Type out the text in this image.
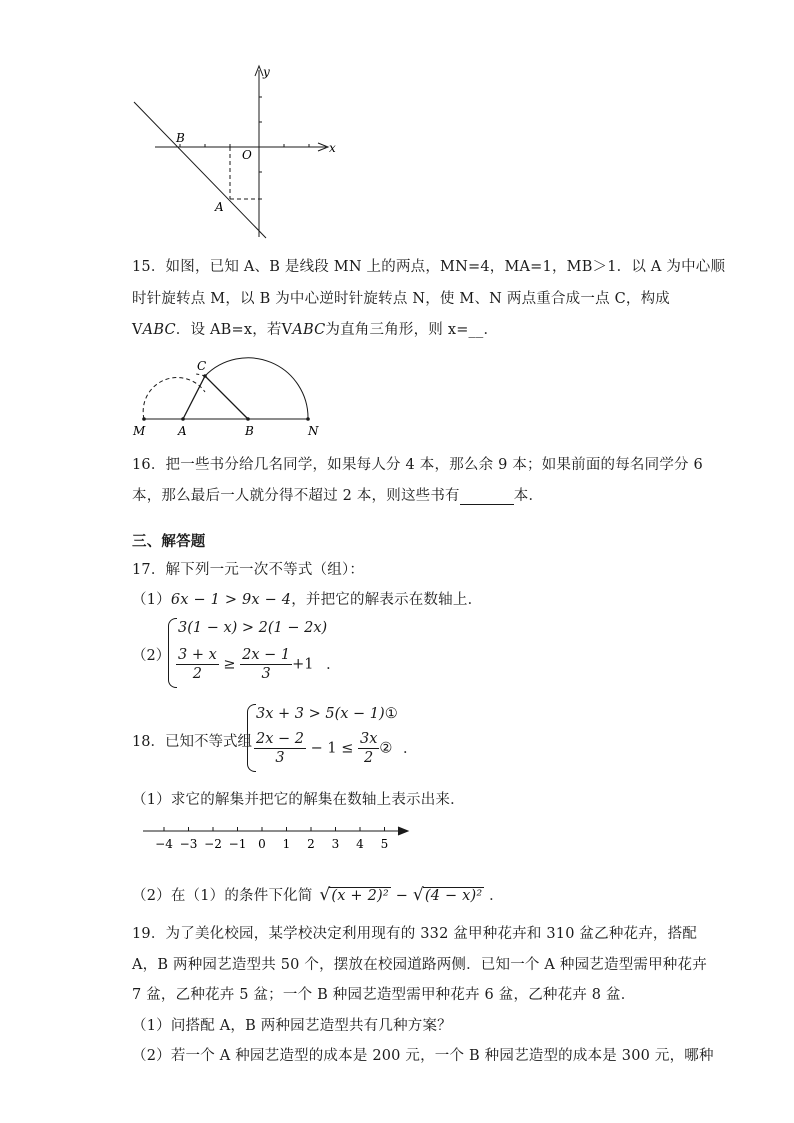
y
x
O
B
A
15．如图，已知 A、B 是线段 MN 上的两点，MN=4，MA=1，MB＞1．以 A 为中心顺
时针旋转点 M，以 B 为中心逆时针旋转点 N，使 M、N 两点重合成一点 C，构成
VABC．设 AB=x，若VABC为直角三角形，则 x=__．
C
M	A	B	N
16．把一些书分给几名同学，如果每人分 4 本，那么余 9 本；如果前面的每名同学分 6
本，那么最后一人就分得不超过 2 本，则这些书有	本．
三、解答题
17．解下列一元一次不等式（组）：
（1）6x − 1 > 9x − 4，并把它的解表示在数轴上．
（2）
3(1 − x) > 2(1 − 2x)
$\frac{3 + x}{2} \ge \frac{2x - 1}{3} +1$ ．
18．已知不等式组
3x + 3 > 5(x − 1)①
$\frac{2x - 2}{3} - 1 \le \frac{3x}{2}$ ② ．
（1）求它的解集并把它的解集在数轴上表示出来．
−4 −3 −2 −1 0 1 2 3 4 5
（2）在（1）的条件下化简 √ (x + 2)² − √ (4 − x)² ．
19．为了美化校园，某学校决定利用现有的 332 盆甲种花卉和 310 盆乙种花卉，搭配
A，B 两种园艺造型共 50 个，摆放在校园道路两侧．已知一个 A 种园艺造型需甲种花卉
7 盆，乙种花卉 5 盆；一个 B 种园艺造型需甲种花卉 6 盆，乙种花卉 8 盆．
（1）问搭配 A，B 两种园艺造型共有几种方案？
（2）若一个 A 种园艺造型的成本是 200 元，一个 B 种园艺造型的成本是 300 元，哪种
